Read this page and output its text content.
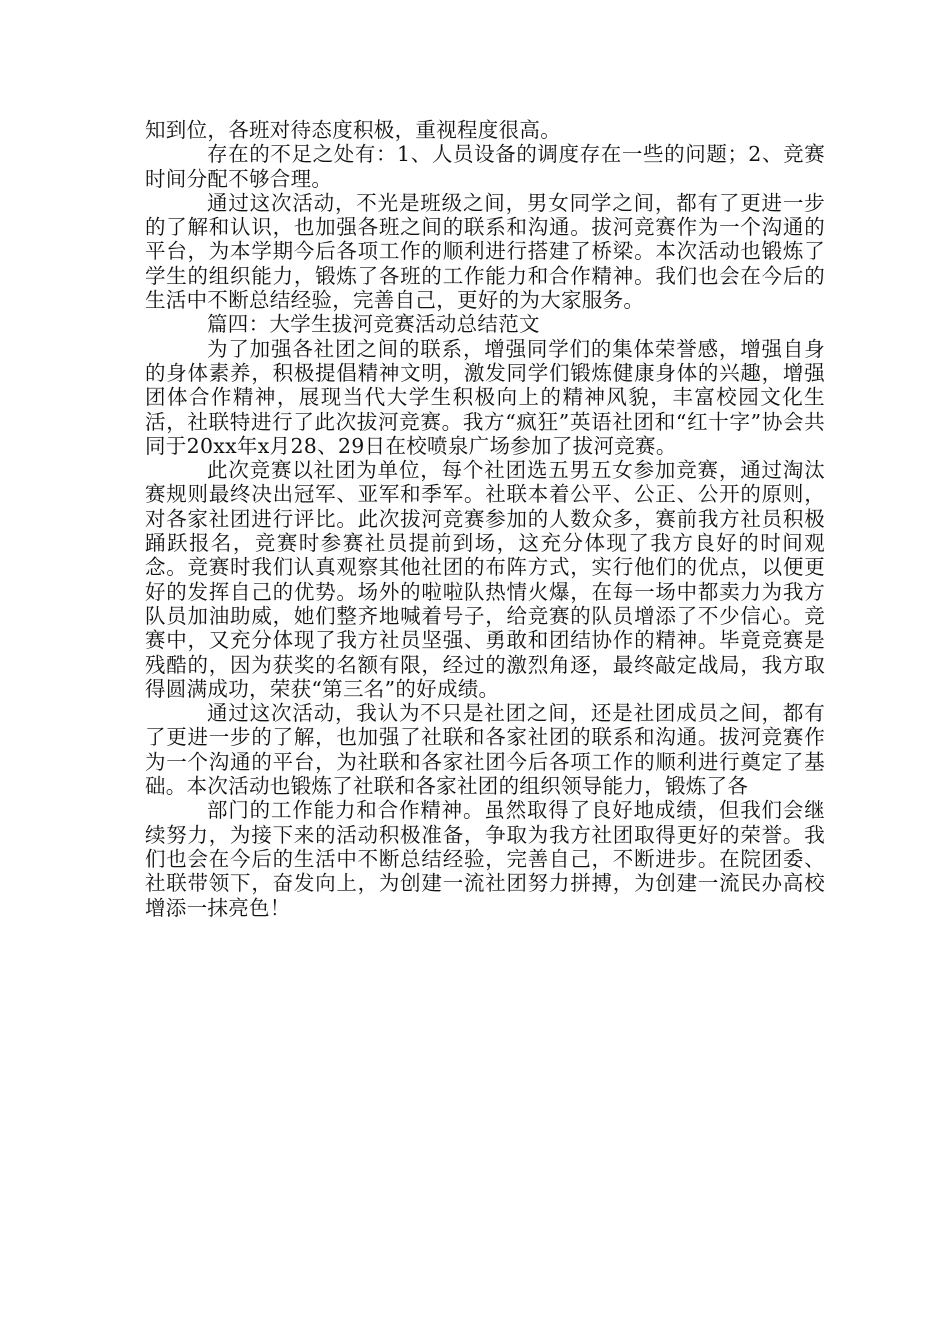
知到位，各班对待态度积极，重视程度很高。

存在的不足之处有：1、人员设备的调度存在一些的问题；2、竞赛时间分配不够合理。

通过这次活动，不光是班级之间，男女同学之间，都有了更进一步的了解和认识，也加强各班之间的联系和沟通。拔河竞赛作为一个沟通的平台，为本学期今后各项工作的顺利进行搭建了桥梁。本次活动也锻炼了学生的组织能力，锻炼了各班的工作能力和合作精神。我们也会在今后的生活中不断总结经验，完善自己，更好的为大家服务。

篇四：大学生拔河竞赛活动总结范文

为了加强各社团之间的联系，增强同学们的集体荣誉感，增强自身的身体素养，积极提倡精神文明，激发同学们锻炼健康身体的兴趣，增强团体合作精神，展现当代大学生积极向上的精神风貌，丰富校园文化生活，社联特进行了此次拔河竞赛。我方“疯狂”英语社团和“红十字”协会共同于20xx年x月28、29日在校喷泉广场参加了拔河竞赛。

此次竞赛以社团为单位，每个社团选五男五女参加竞赛，通过淘汰赛规则最终决出冠军、亚军和季军。社联本着公平、公正、公开的原则，对各家社团进行评比。此次拔河竞赛参加的人数众多，赛前我方社员积极踊跃报名，竞赛时参赛社员提前到场，这充分体现了我方良好的时间观念。竞赛时我们认真观察其他社团的布阵方式，实行他们的优点，以便更好的发挥自己的优势。场外的啦啦队热情火爆，在每一场中都卖力为我方队员加油助威，她们整齐地喊着号子，给竞赛的队员增添了不少信心。竞赛中，又充分体现了我方社员坚强、勇敢和团结协作的精神。毕竟竞赛是残酷的，因为获奖的名额有限，经过的激烈角逐，最终敲定战局，我方取得圆满成功，荣获“第三名”的好成绩。

通过这次活动，我认为不只是社团之间，还是社团成员之间，都有了更进一步的了解，也加强了社联和各家社团的联系和沟通。拔河竞赛作为一个沟通的平台，为社联和各家社团今后各项工作的顺利进行奠定了基础。本次活动也锻炼了社联和各家社团的组织领导能力，锻炼了各

部门的工作能力和合作精神。虽然取得了良好地成绩，但我们会继续努力，为接下来的活动积极准备，争取为我方社团取得更好的荣誉。我们也会在今后的生活中不断总结经验，完善自己，不断进步。在院团委、社联带领下，奋发向上，为创建一流社团努力拼搏，为创建一流民办高校增添一抹亮色！
